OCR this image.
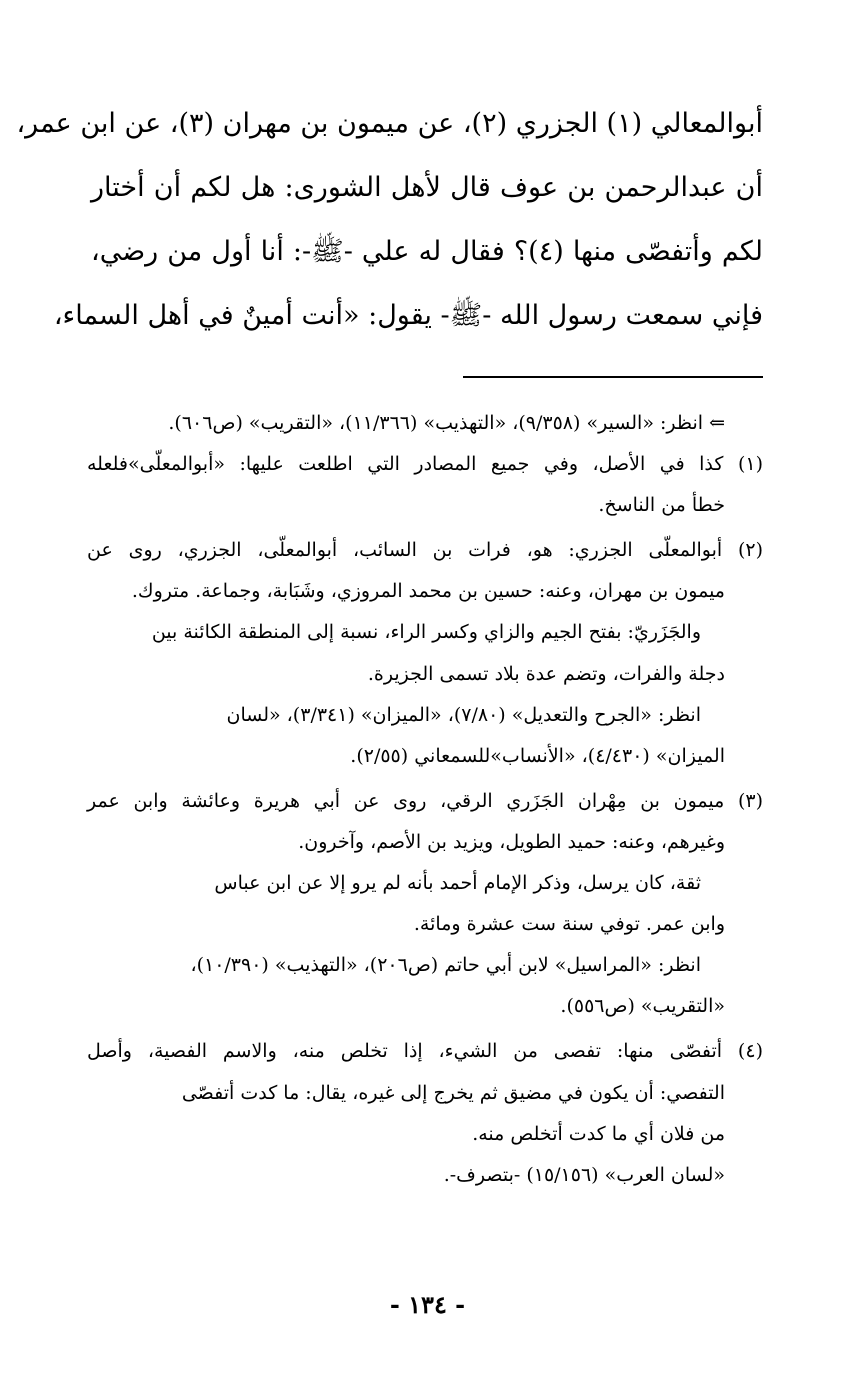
أبوالمعالي (١) الجزري (٢)، عن ميمون بن مهران (٣)، عن ابن عمر،
أن عبدالرحمن بن عوف قال لأهل الشورى: هل لكم أن أختار
لكم وأتفصّى منها (٤)؟ فقال له علي -ﷺ-: أنا أول من رضي،
فإني سمعت رسول الله -ﷺ- يقول: «أنت أمينٌ في أهل السماء،
⇐ انظر: «السير» (٩/٣٥٨)، «التهذيب» (١١/٣٦٦)، «التقريب» (ص٦٠٦).
(١) كذا في الأصل، وفي جميع المصادر التي اطلعت عليها: «أبوالمعلّى»فلعله
خطأ من الناسخ.
(٢) أبوالمعلّى الجزري: هو، فرات بن السائب، أبوالمعلّى، الجزري، روى عن
ميمون بن مهران، وعنه: حسين بن محمد المروزي، وشَبَابة، وجماعة. متروك.
والجَزَريّ: بفتح الجيم والزاي وكسر الراء، نسبة إلى المنطقة الكائنة بين
دجلة والفرات، وتضم عدة بلاد تسمى الجزيرة.
انظر: «الجرح والتعديل» (٧/٨٠)، «الميزان» (٣/٣٤١)، «لسان
الميزان» (٤/٤٣٠)، «الأنساب»للسمعاني (٢/٥٥).
(٣) ميمون بن مِهْران الجَزَري الرقي، روى عن أبي هريرة وعائشة وابن عمر
وغيرهم، وعنه: حميد الطويل، ويزيد بن الأصم، وآخرون.
ثقة، كان يرسل، وذكر الإمام أحمد بأنه لم يرو إلا عن ابن عباس
وابن عمر. توفي سنة ست عشرة ومائة.
انظر: «المراسيل» لابن أبي حاتم (ص٢٠٦)، «التهذيب» (١٠/٣٩٠)،
«التقريب» (ص٥٥٦).
(٤) أتفصّى منها: تفصى من الشيء، إذا تخلص منه، والاسم الفصية، وأصل
التفصي: أن يكون في مضيق ثم يخرج إلى غيره، يقال: ما كدت أتفصّى
من فلان أي ما كدت أتخلص منه.
«لسان العرب» (١٥/١٥٦) -بتصرف-.
- ١٣٤ -
